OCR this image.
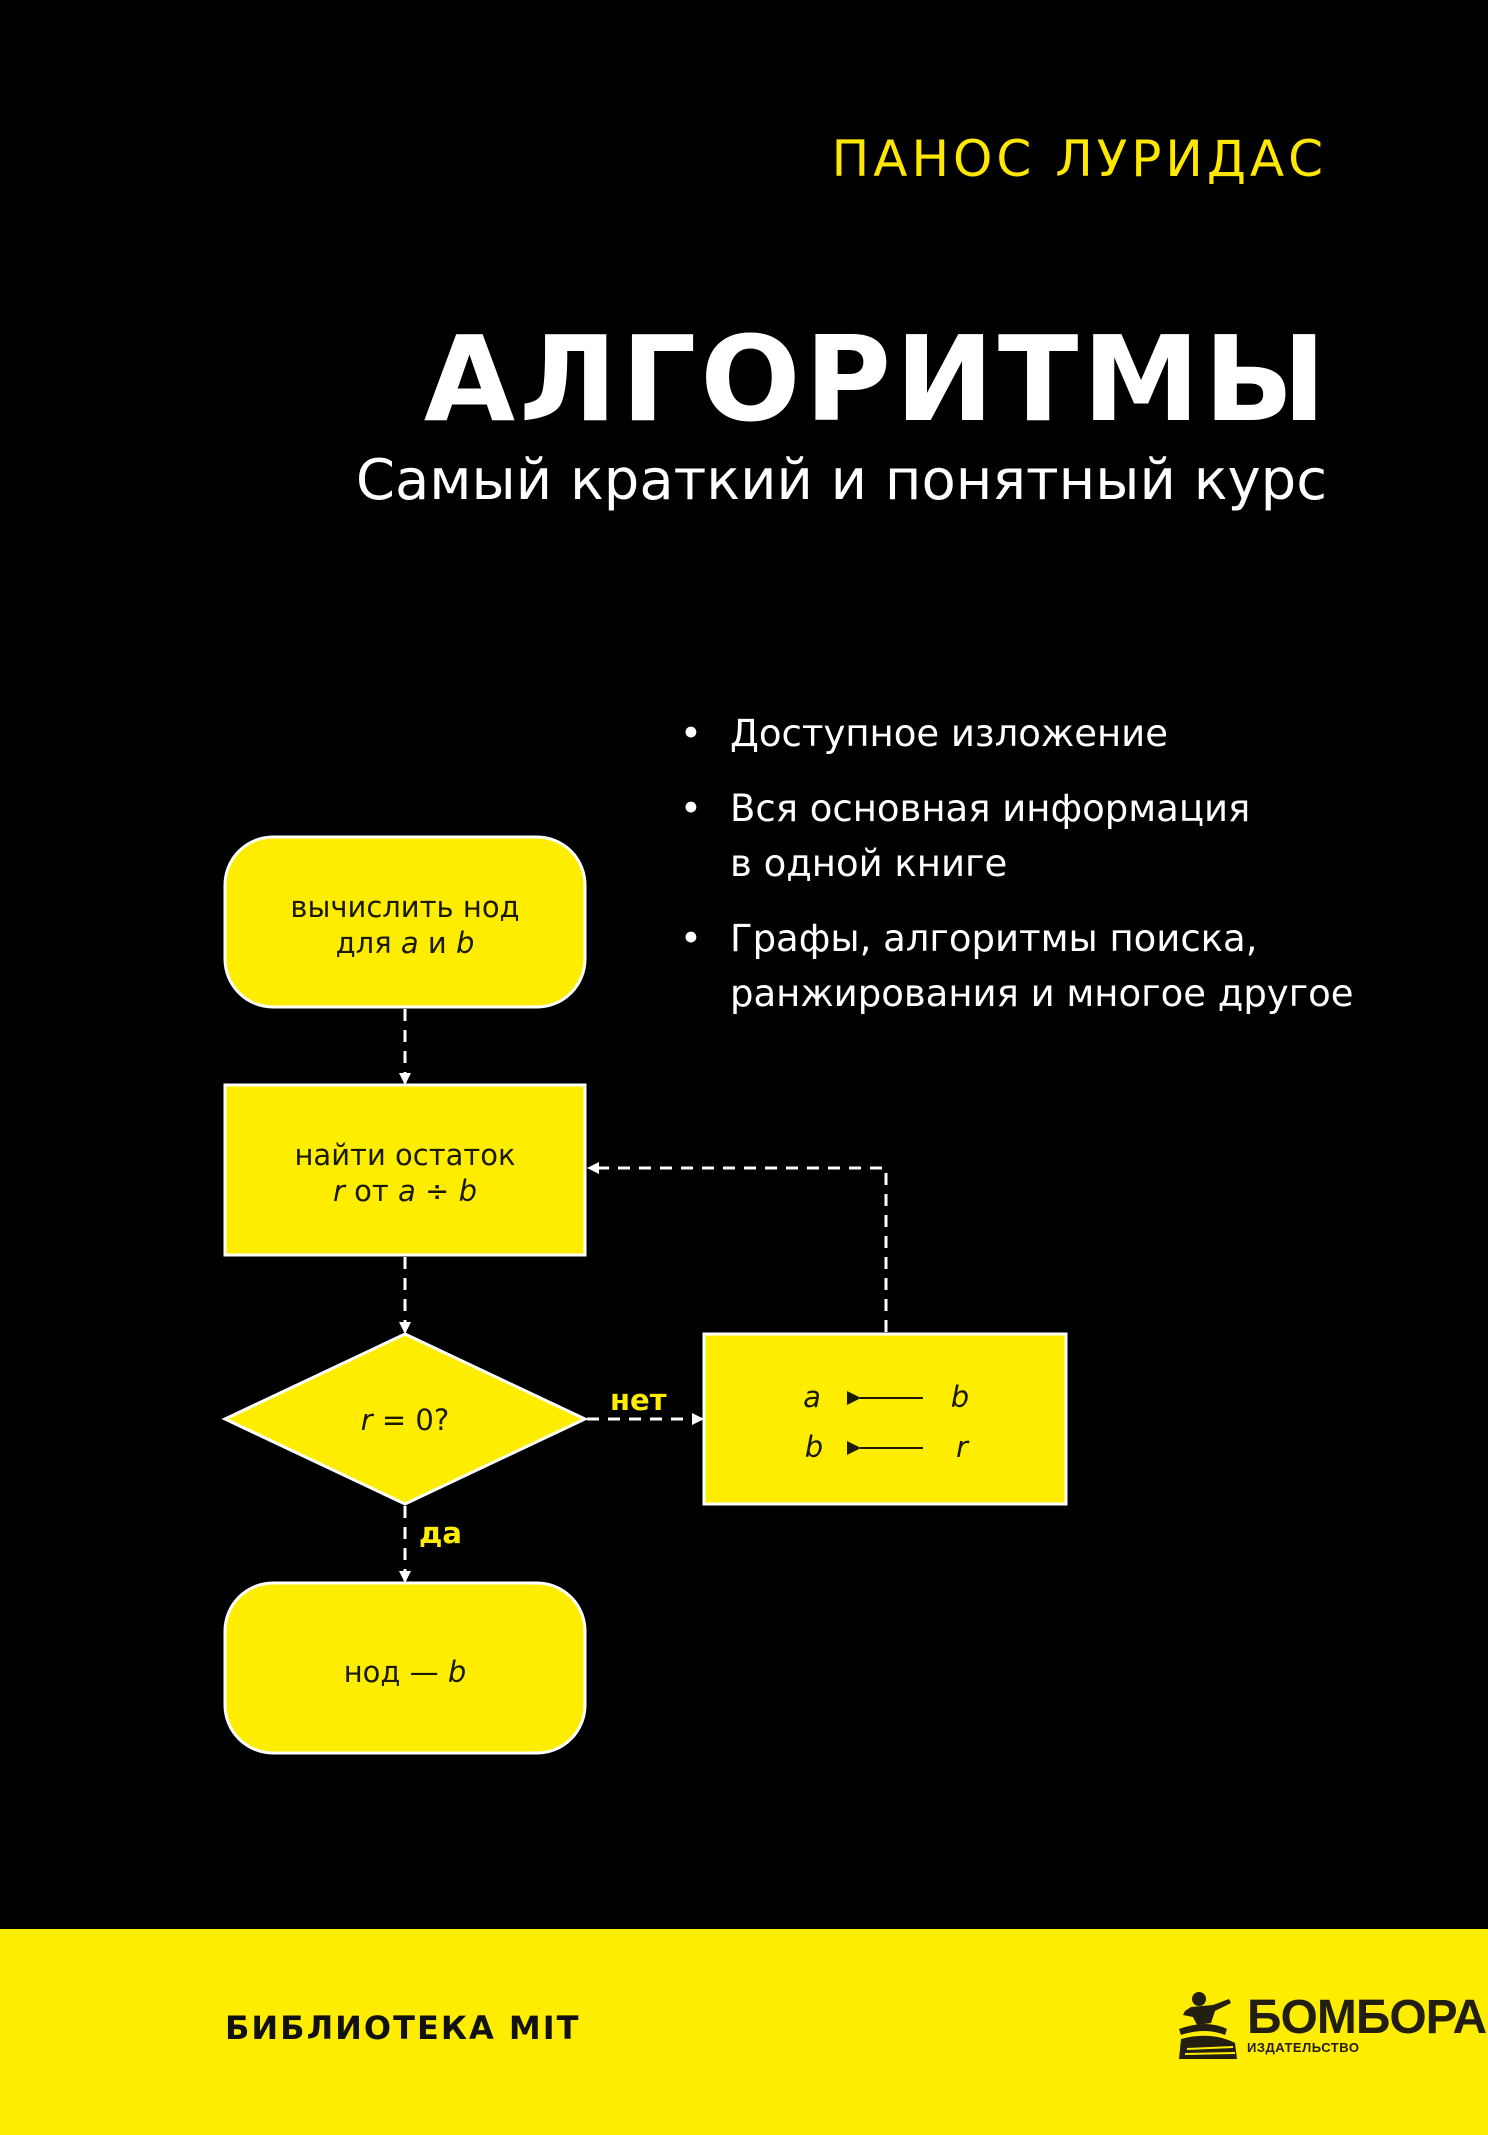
ПАНОС ЛУРИДАС
АЛГОРИТМЫ
Самый краткий и понятный курс
• Доступное изложение
• Вся основная информация
в одной книге
• Графы, алгоритмы поиска,
ранжирования и многое другое
вычислить нод
для a и b
найти остаток
r от a ÷ b
r = 0?
нод — b
a	b
b	r
нет
да
БИБЛИОТЕКА МIT	БОМБОРА
ИЗДАТЕЛЬСТВО
